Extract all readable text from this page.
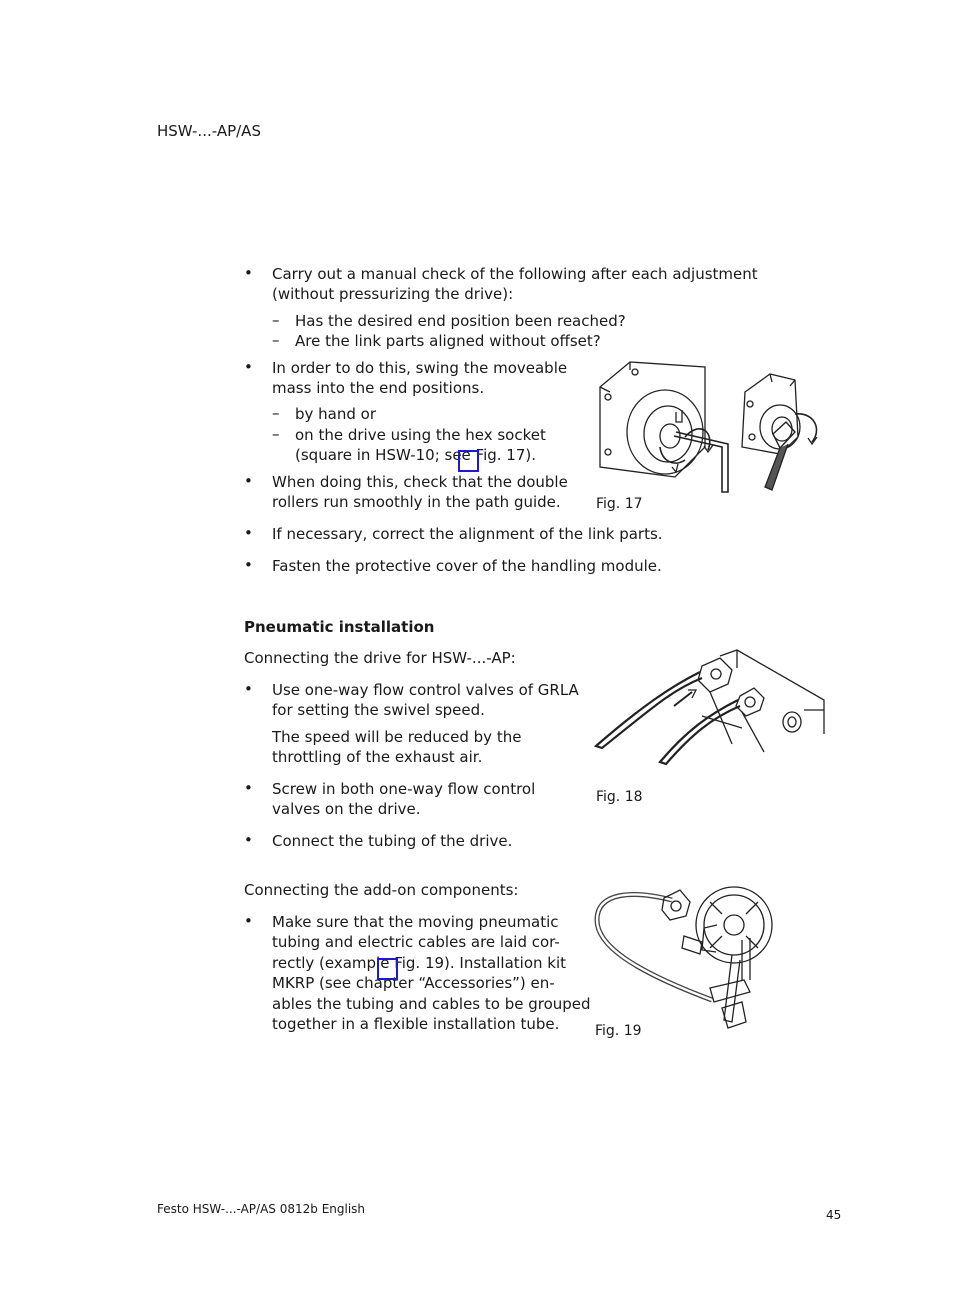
HSW-...-AP/AS
• Carry out a manual check of the following after each adjustment
(without pressurizing the drive):
–
–
Has the desired end position been reached?
Are the link parts aligned without offset?
• In order to do this, swing the moveable
mass into the end positions.
–
–
by hand or
on the drive using the hex socket
(square in HSW-10; see Fig. 17).
• When doing this, check that the double
rollers run smoothly in the path guide.
• If necessary, correct the alignment of the link parts.
• Fasten the protective cover of the handling module.
Fig. 17
Pneumatic installation
Connecting the drive for HSW-...-AP:
• Use one-way flow control valves of GRLA
for setting the swivel speed.
The speed will be reduced by the
throttling of the exhaust air.
• Screw in both one-way flow control
valves on the drive.
• Connect the tubing of the drive.
Fig. 18
Connecting the add-on components:
• Make sure that the moving pneumatic
tubing and electric cables are laid cor-
rectly (example Fig. 19). Installation kit
MKRP (see chapter “Accessories”) en-
ables the tubing and cables to be grouped
together in a flexible installation tube.	Fig. 19
Festo HSW-...-AP/AS 0812b English	45
